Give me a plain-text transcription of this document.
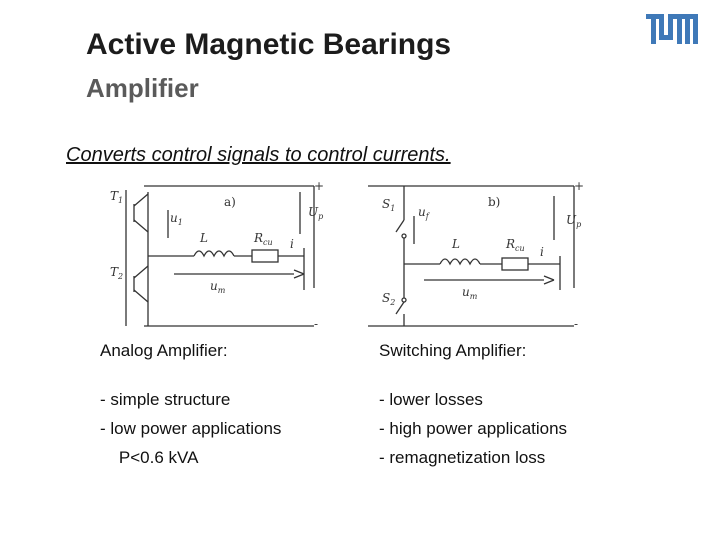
Active Magnetic Bearings
Amplifier
Converts control signals to control currents.
$T_1$
$T_2$
$u_1$
L	$R_{cu}$ i
$U_p$
$u_m$
a)
+
-
$S_1$
$S_2$
$u_f$
L	$R_{cu}$ i
$U_p$
$u_m$
b)
+
-
Analog Amplifier:
- simple structure
- low power applications
P<0.6 kVA
Switching Amplifier:
- lower losses
- high power applications
- remagnetization loss
